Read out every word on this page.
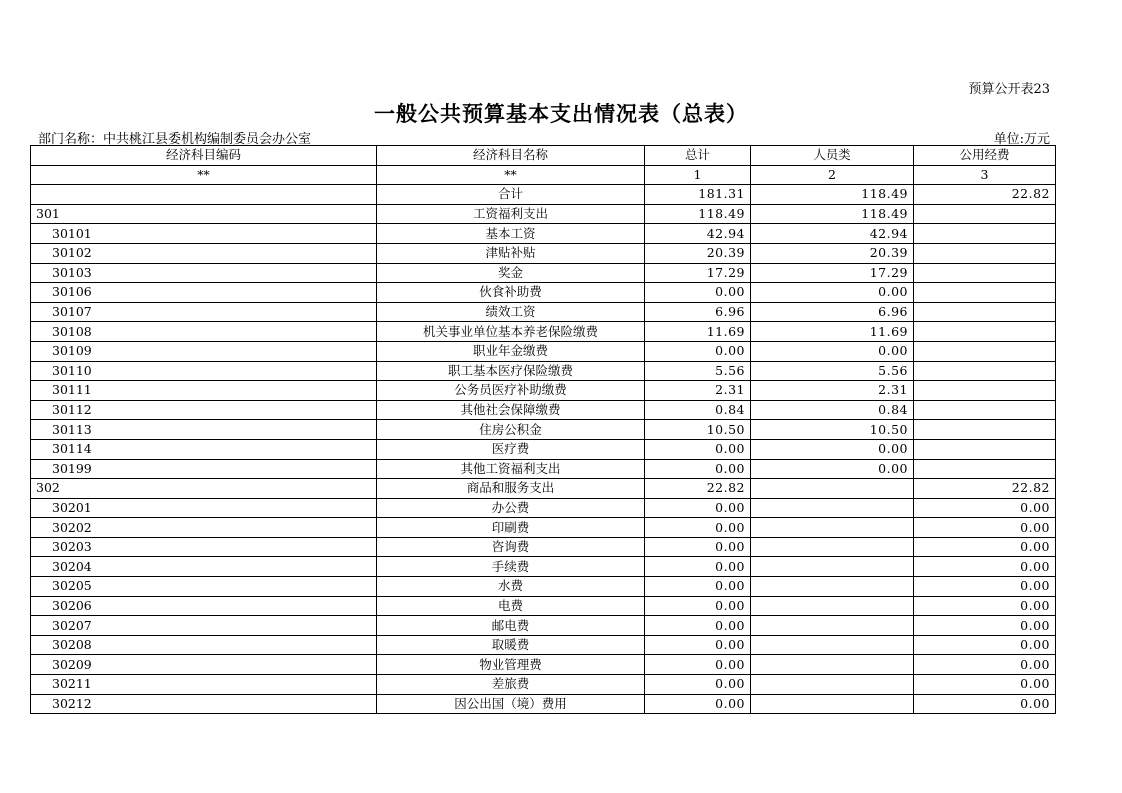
预算公开表23
一般公共预算基本支出情况表（总表）
部门名称：中共桃江县委机构编制委员会办公室	单位:万元
经济科目编码	经济科目名称	总计	人员类	公用经费
**	**	1	2	3
	合计	181.31	118.49	22.82
301	工资福利支出	118.49	118.49	
30101	基本工资	42.94	42.94	
30102	津贴补贴	20.39	20.39	
30103	奖金	17.29	17.29	
30106	伙食补助费	0.00	0.00	
30107	绩效工资	6.96	6.96	
30108	机关事业单位基本养老保险缴费	11.69	11.69	
30109	职业年金缴费	0.00	0.00	
30110	职工基本医疗保险缴费	5.56	5.56	
30111	公务员医疗补助缴费	2.31	2.31	
30112	其他社会保障缴费	0.84	0.84	
30113	住房公积金	10.50	10.50	
30114	医疗费	0.00	0.00	
30199	其他工资福利支出	0.00	0.00	
302	商品和服务支出	22.82		22.82
30201	办公费	0.00		0.00
30202	印刷费	0.00		0.00
30203	咨询费	0.00		0.00
30204	手续费	0.00		0.00
30205	水费	0.00		0.00
30206	电费	0.00		0.00
30207	邮电费	0.00		0.00
30208	取暖费	0.00		0.00
30209	物业管理费	0.00		0.00
30211	差旅费	0.00		0.00
30212	因公出国（境）费用	0.00		0.00
